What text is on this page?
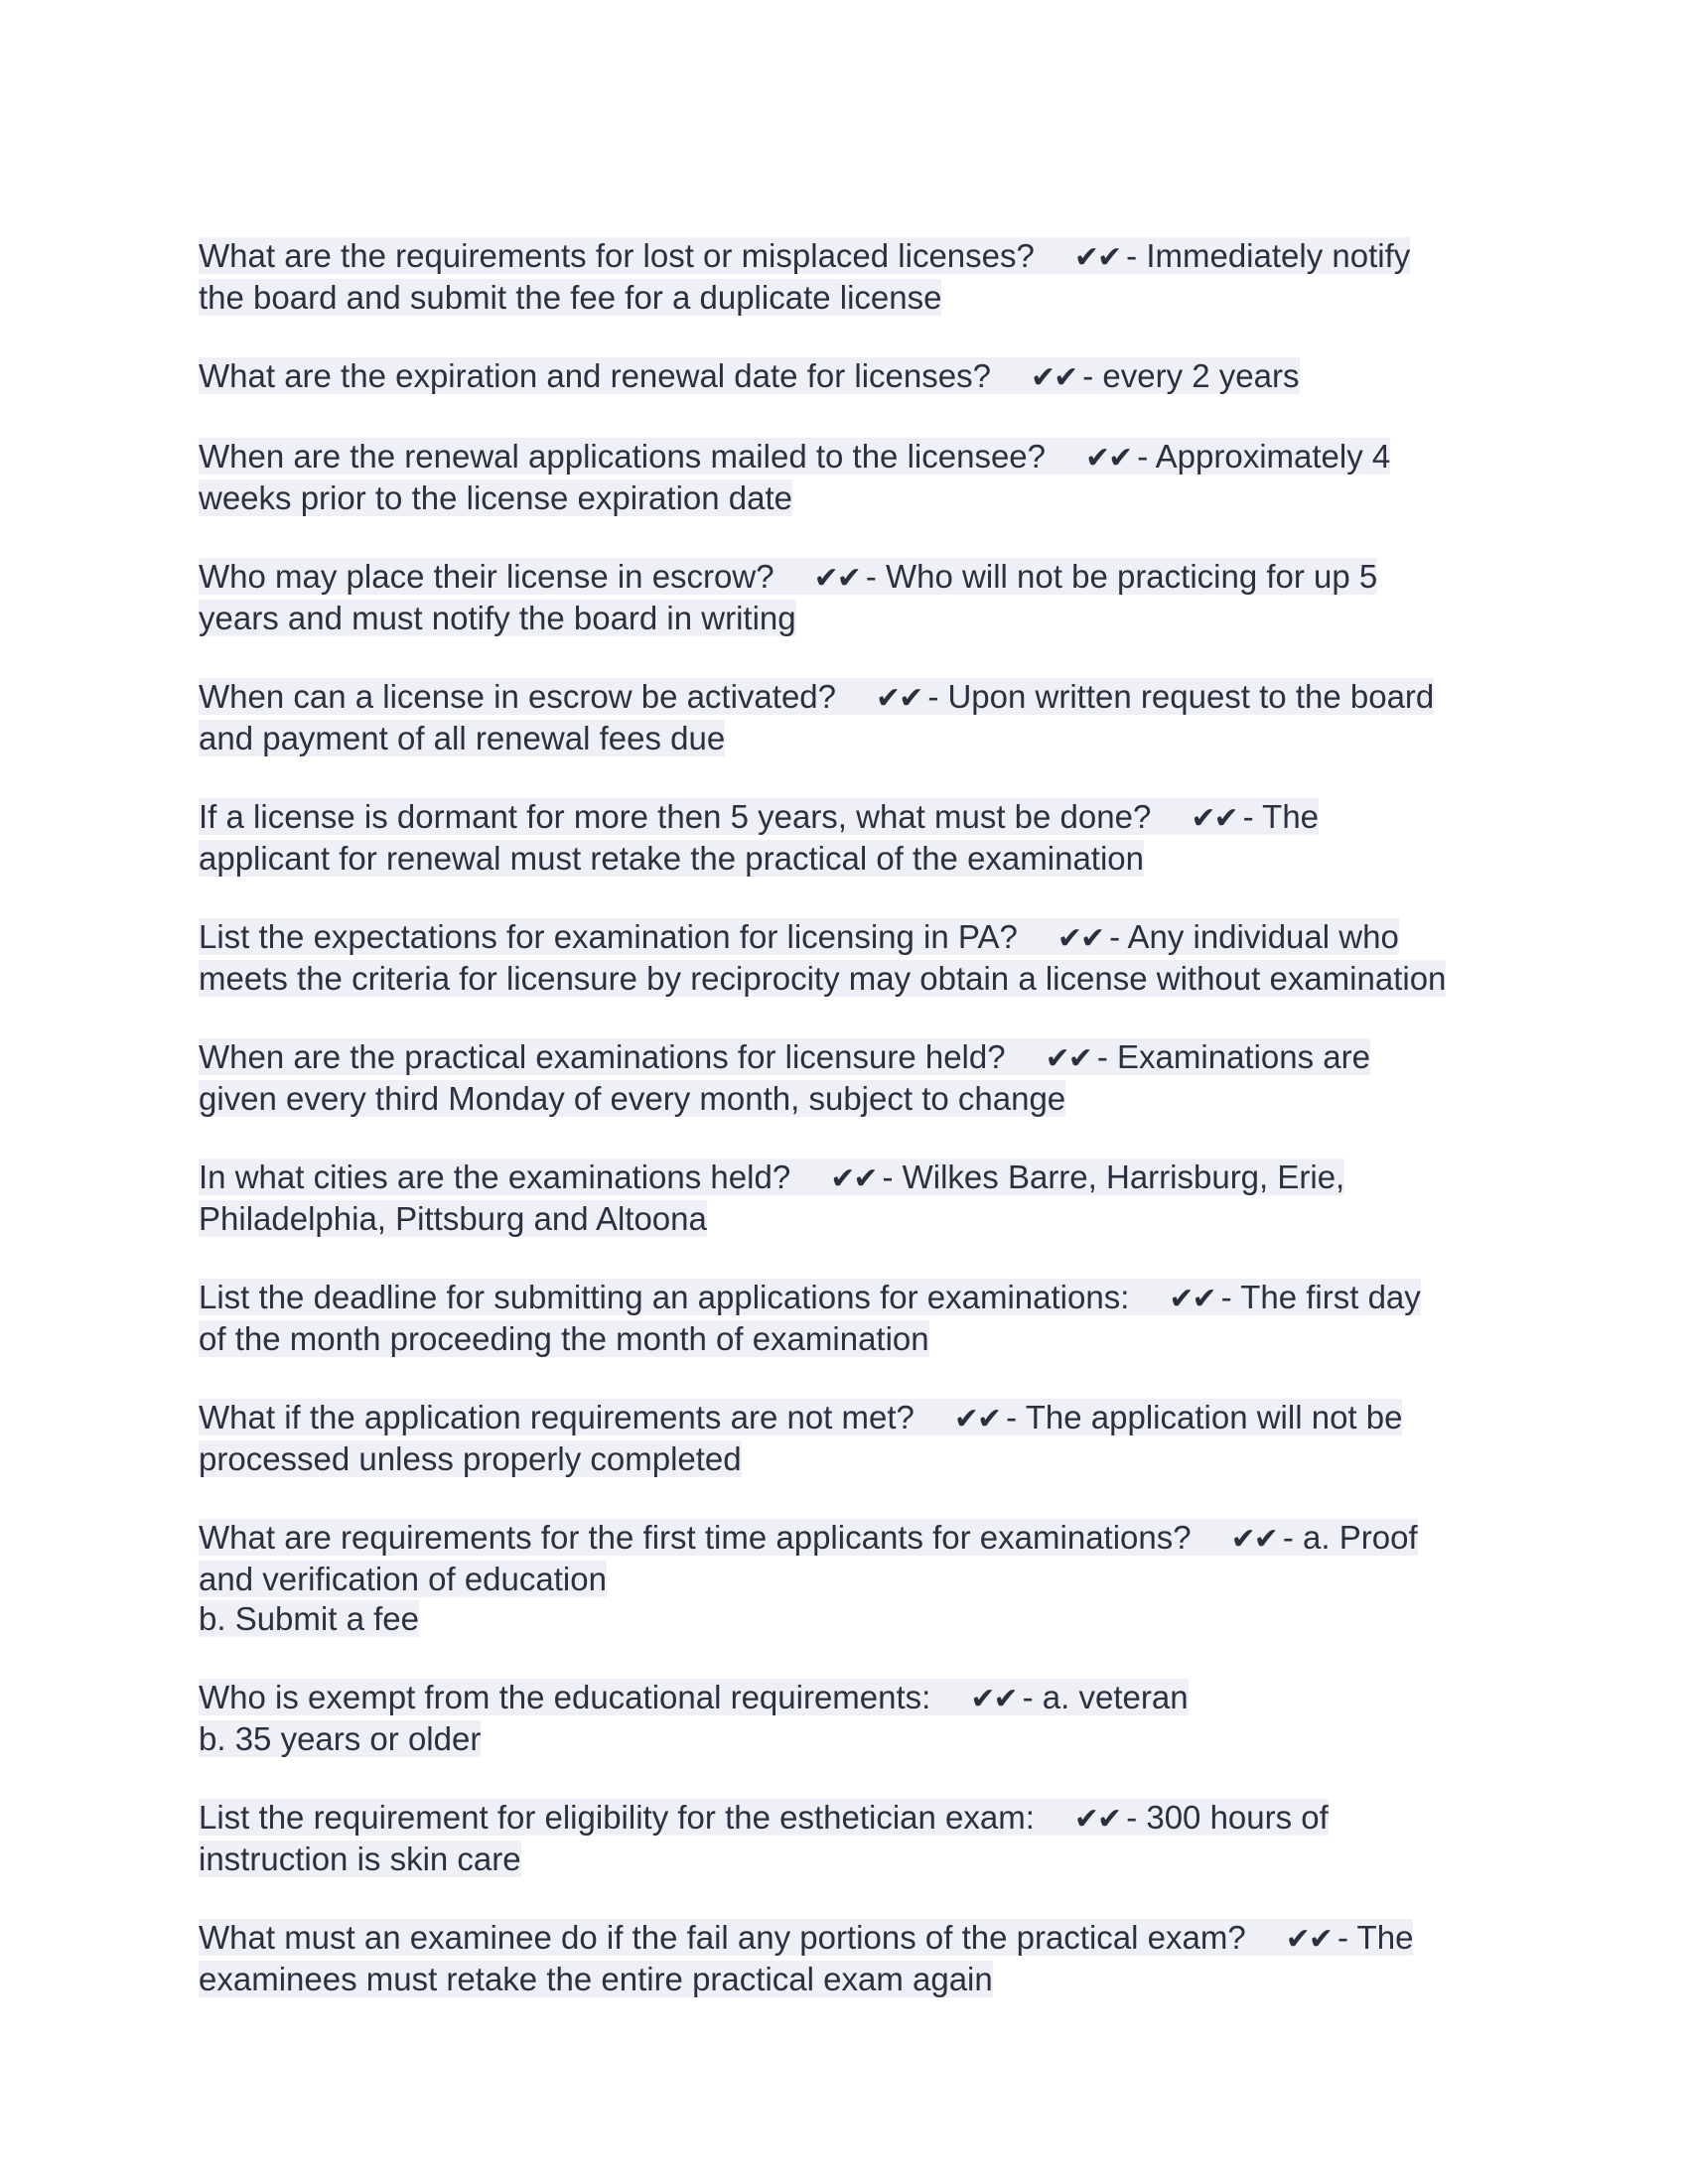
What are the requirements for lost or misplaced licenses? ✔✔ - Immediately notify
the board and submit the fee for a duplicate license
What are the expiration and renewal date for licenses? ✔✔ - every 2 years
When are the renewal applications mailed to the licensee? ✔✔ - Approximately 4
weeks prior to the license expiration date
Who may place their license in escrow? ✔✔ - Who will not be practicing for up 5
years and must notify the board in writing
When can a license in escrow be activated? ✔✔ - Upon written request to the board
and payment of all renewal fees due
If a license is dormant for more then 5 years, what must be done? ✔✔ - The
applicant for renewal must retake the practical of the examination
List the expectations for examination for licensing in PA? ✔✔ - Any individual who
meets the criteria for licensure by reciprocity may obtain a license without examination
When are the practical examinations for licensure held? ✔✔ - Examinations are
given every third Monday of every month, subject to change
In what cities are the examinations held? ✔✔ - Wilkes Barre, Harrisburg, Erie,
Philadelphia, Pittsburg and Altoona
List the deadline for submitting an applications for examinations: ✔✔ - The first day
of the month proceeding the month of examination
What if the application requirements are not met? ✔✔ - The application will not be
processed unless properly completed
What are requirements for the first time applicants for examinations? ✔✔ - a. Proof
and verification of education
b. Submit a fee
Who is exempt from the educational requirements: ✔✔ - a. veteran
b. 35 years or older
List the requirement for eligibility for the esthetician exam: ✔✔ - 300 hours of
instruction is skin care
What must an examinee do if the fail any portions of the practical exam? ✔✔ - The
examinees must retake the entire practical exam again
